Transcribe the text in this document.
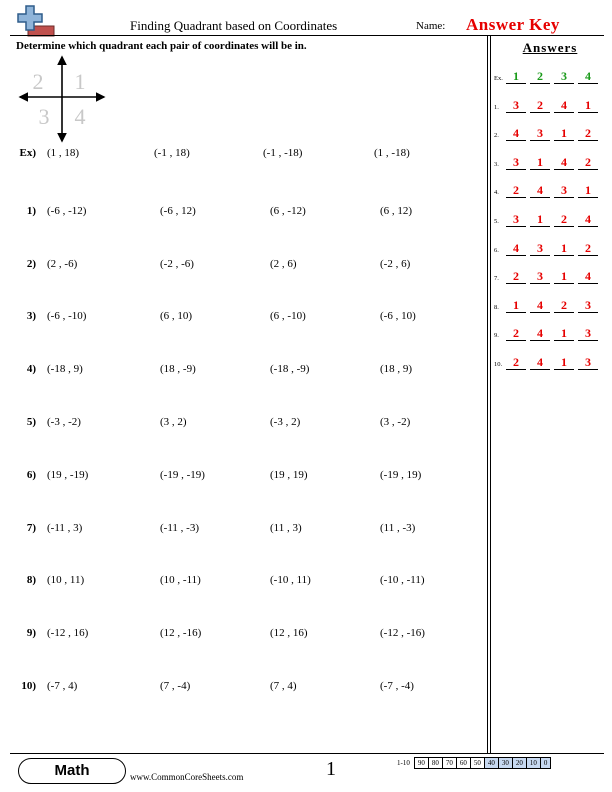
Finding Quadrant based on Coordinates	Name: Answer Key
Determine which quadrant each pair of coordinates will be in.
2 1
3 4
Ex) (1 , 18)	(-1 , 18)	(-1 , -18)	(1 , -18)
1) (-6 , -12)	(-6 , 12)	(6 , -12)	(6 , 12)
2) (2 , -6)	(-2 , -6)	(2 , 6)	(-2 , 6)
3) (-6 , -10)	(6 , 10)	(6 , -10)	(-6 , 10)
4) (-18 , 9)	(18 , -9)	(-18 , -9)	(18 , 9)
5) (-3 , -2)	(3 , 2)	(-3 , 2)	(3 , -2)
6) (19 , -19)	(-19 , -19)	(19 , 19)	(-19 , 19)
7) (-11 , 3)	(-11 , -3)	(11 , 3)	(11 , -3)
8) (10 , 11)	(10 , -11)	(-10 , 11)	(-10 , -11)
9) (-12 , 16)	(12 , -16)	(12 , 16)	(-12 , -16)
10) (-7 , 4)	(7 , -4)	(7 , 4)	(-7 , -4)
Answers
Ex. 1	2	3	4
1.	3	2	4	1
2.	4	3	1	2
3.	3	1	4	2
4.	2	4	3	1
5.	3	1	2	4
6.	4	3	1	2
7.	2	3	1	4
8.	1	4	2	3
9.	2	4	1	3
10. 2	4	1	3
Math	www.CommonCoreSheets.com	1	1-10	90	80	70	60	50	40	30	20	10	0
